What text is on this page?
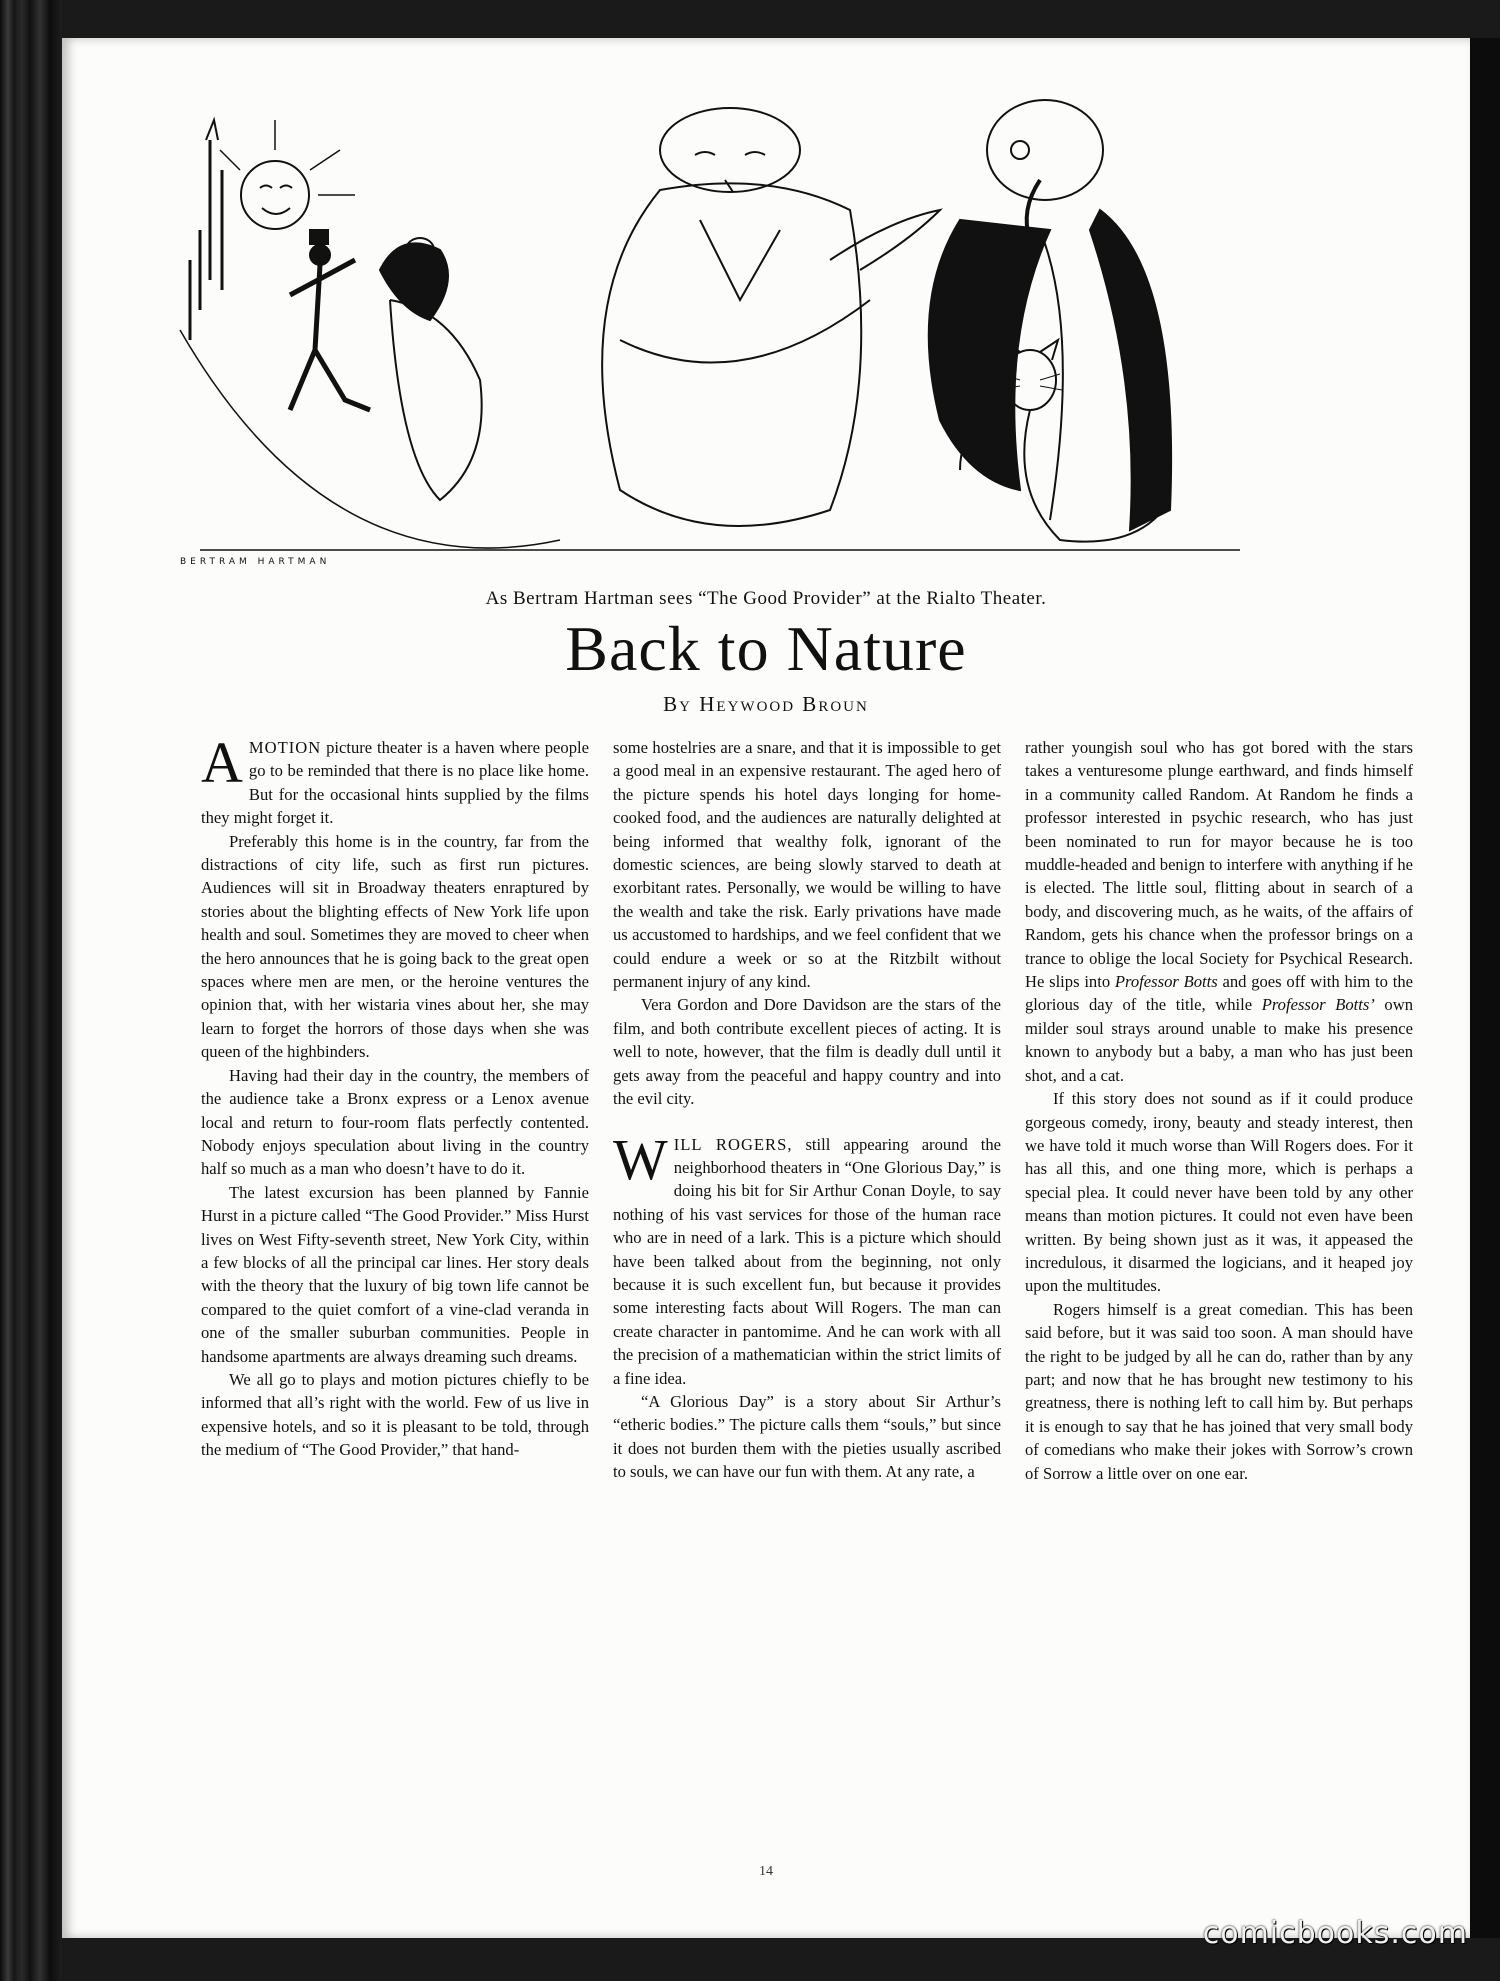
BERTRAM HARTMAN
As Bertram Hartman sees “The Good Provider” at the Rialto Theater.
Back to Nature
By Heywood Broun

AMOTION picture theater is a haven where people go to be reminded that there is no place like home. But for the occasional hints supplied by the films they might forget it.

Preferably this home is in the country, far from the distractions of city life, such as first run pictures. Audiences will sit in Broadway theaters enraptured by stories about the blighting effects of New York life upon health and soul. Sometimes they are moved to cheer when the hero announces that he is going back to the great open spaces where men are men, or the heroine ventures the opinion that, with her wistaria vines about her, she may learn to forget the horrors of those days when she was queen of the highbinders.

Having had their day in the country, the members of the audience take a Bronx express or a Lenox avenue local and return to four-room flats perfectly contented. Nobody enjoys speculation about living in the country half so much as a man who doesn’t have to do it.

The latest excursion has been planned by Fannie Hurst in a picture called “The Good Provider.” Miss Hurst lives on West Fifty-seventh street, New York City, within a few blocks of all the principal car lines. Her story deals with the theory that the luxury of big town life cannot be compared to the quiet comfort of a vine-clad veranda in one of the smaller suburban communities. People in handsome apartments are always dreaming such dreams.

We all go to plays and motion pictures chiefly to be informed that all’s right with the world. Few of us live in expensive hotels, and so it is pleasant to be told, through the medium of “The Good Provider,” that hand-

some hostelries are a snare, and that it is impossible to get a good meal in an expensive restaurant. The aged hero of the picture spends his hotel days longing for home-cooked food, and the audiences are naturally delighted at being informed that wealthy folk, ignorant of the domestic sciences, are being slowly starved to death at exorbitant rates. Personally, we would be willing to have the wealth and take the risk. Early privations have made us accustomed to hardships, and we feel confident that we could endure a week or so at the Ritzbilt without permanent injury of any kind.

Vera Gordon and Dore Davidson are the stars of the film, and both contribute excellent pieces of acting. It is well to note, however, that the film is deadly dull until it gets away from the peaceful and happy country and into the evil city.

WILL ROGERS, still appearing around the neighborhood theaters in “One Glorious Day,” is doing his bit for Sir Arthur Conan Doyle, to say nothing of his vast services for those of the human race who are in need of a lark. This is a picture which should have been talked about from the beginning, not only because it is such excellent fun, but because it provides some interesting facts about Will Rogers. The man can create character in pantomime. And he can work with all the precision of a mathematician within the strict limits of a fine idea.

“A Glorious Day” is a story about Sir Arthur’s “etheric bodies.” The picture calls them “souls,” but since it does not burden them with the pieties usually ascribed to souls, we can have our fun with them. At any rate, a

rather youngish soul who has got bored with the stars takes a venturesome plunge earthward, and finds himself in a community called Random. At Random he finds a professor interested in psychic research, who has just been nominated to run for mayor because he is too muddle-headed and benign to interfere with anything if he is elected. The little soul, flitting about in search of a body, and discovering much, as he waits, of the affairs of Random, gets his chance when the professor brings on a trance to oblige the local Society for Psychical Research. He slips into Professor Botts and goes off with him to the glorious day of the title, while Professor Botts’ own milder soul strays around unable to make his presence known to anybody but a baby, a man who has just been shot, and a cat.

If this story does not sound as if it could produce gorgeous comedy, irony, beauty and steady interest, then we have told it much worse than Will Rogers does. For it has all this, and one thing more, which is perhaps a special plea. It could never have been told by any other means than motion pictures. It could not even have been written. By being shown just as it was, it appeased the incredulous, it disarmed the logicians, and it heaped joy upon the multitudes.

Rogers himself is a great comedian. This has been said before, but it was said too soon. A man should have the right to be judged by all he can do, rather than by any part; and now that he has brought new testimony to his greatness, there is nothing left to call him by. But perhaps it is enough to say that he has joined that very small body of comedians who make their jokes with Sorrow’s crown of Sorrow a little over on one ear.

14
comicbooks.com
